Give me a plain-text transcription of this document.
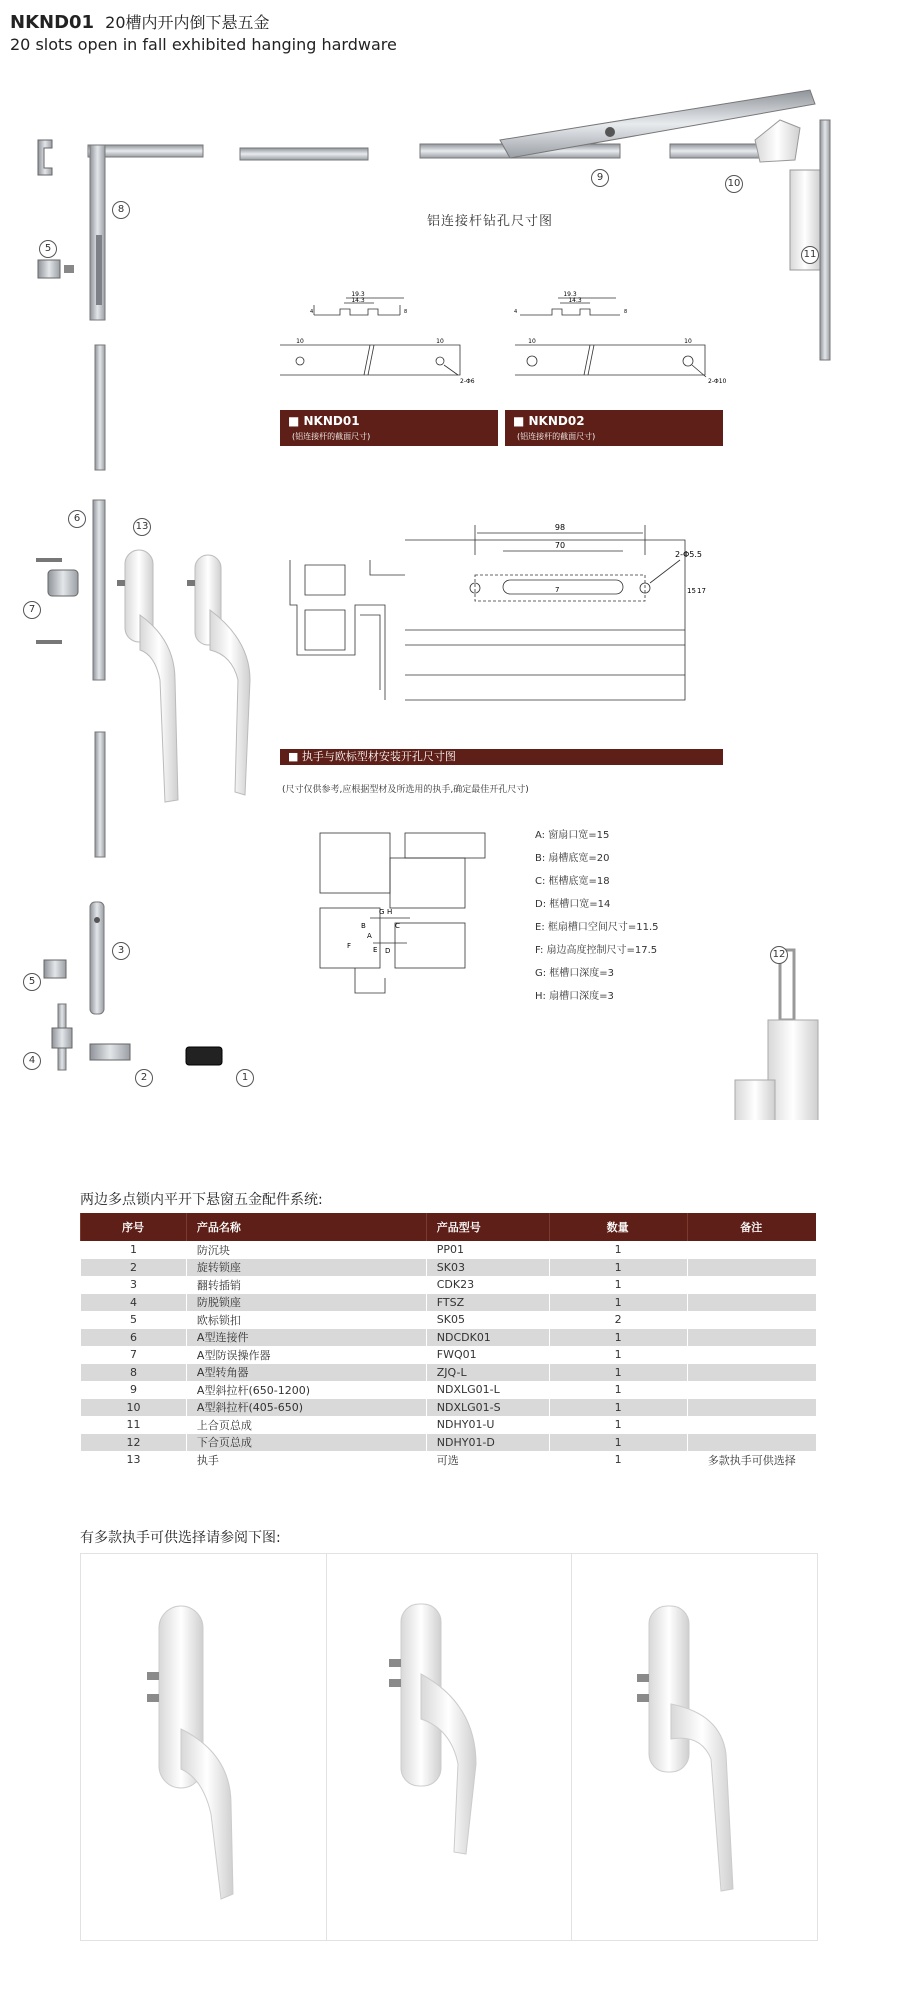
NKND01 20槽内开内倒下悬五金
20 slots open in fall exhibited hanging hardware
1
2
3
4
5
5
6
7
8
9
10
11
12
13
铝连接杆钻孔尺寸图
19.3
14.3
10	10
2-Φ6
19.3
14.3
10	10
2-Φ10
4	8	4	8
■ NKND01
(铝连接杆的截面尺寸)
■ NKND02
(铝连接杆的截面尺寸)
98
70
2-Φ5.5
7	17
15
■ 执手与欧标型材安装开孔尺寸图
(尺寸仅供参考,应根据型材及所选用的执手,确定最佳开孔尺寸)
A
B	C
D
E
F
G H
A: 窗扇口宽=15
B: 扇槽底宽=20
C: 框槽底宽=18
D: 框槽口宽=14
E: 框扇槽口空间尺寸=11.5
F: 扇边高度控制尺寸=17.5
G: 框槽口深度=3
H: 扇槽口深度=3
两边多点锁内平开下悬窗五金配件系统:
序号	产品名称	产品型号	数量	备注
1	防沉块	PP01	1	
2	旋转锁座	SK03	1	
3	翻转插销	CDK23	1	
4	防脱锁座	FTSZ	1	
5	欧标锁扣	SK05	2	
6	A型连接件	NDCDK01	1	
7	A型防误操作器	FWQ01	1	
8	A型转角器	ZJQ-L	1	
9	A型斜拉杆(650-1200)	NDXLG01-L	1	
10	A型斜拉杆(405-650)	NDXLG01-S	1	
11	上合页总成	NDHY01-U	1	
12	下合页总成	NDHY01-D	1	
13	执手	可选	1	多款执手可供选择
有多款执手可供选择请参阅下图:
